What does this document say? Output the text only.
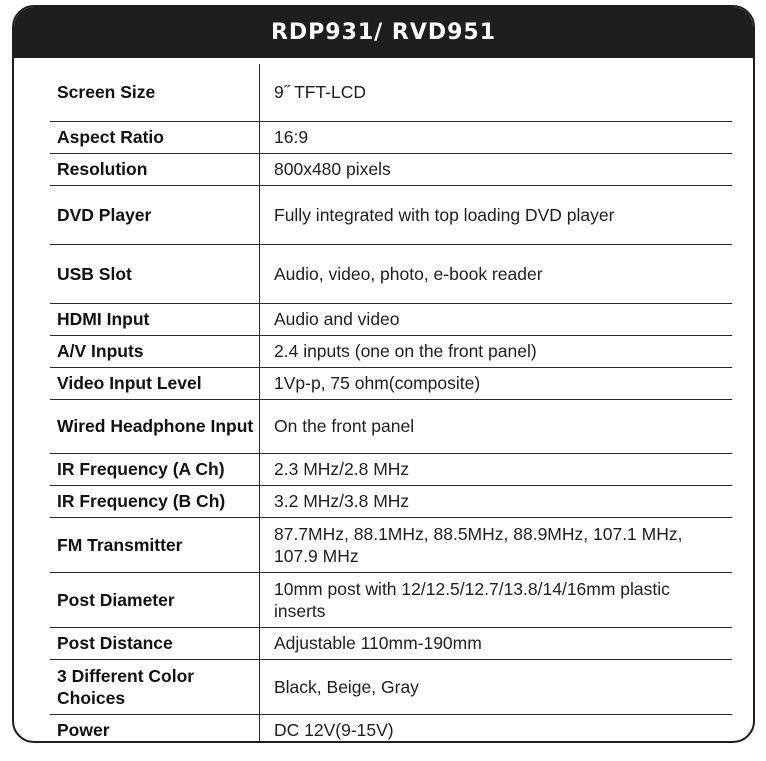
RDP931/ RVD951
Screen Size	9˝ TFT-LCD
Aspect Ratio	16:9
Resolution	800x480 pixels
DVD Player	Fully integrated with top loading DVD player
USB Slot	Audio, video, photo, e-book reader
HDMI Input	Audio and video
A/V Inputs	2.4 inputs (one on the front panel)
Video Input Level	1Vp-p, 75 ohm(composite)
Wired Headphone Input	On the front panel
IR Frequency (A Ch)	2.3 MHz/2.8 MHz
IR Frequency (B Ch)	3.2 MHz/3.8 MHz
FM Transmitter	87.7MHz, 88.1MHz, 88.5MHz, 88.9MHz, 107.1 MHz, 107.9 MHz
Post Diameter	10mm post with 12/12.5/12.7/13.8/14/16mm plastic inserts
Post Distance	Adjustable 110mm-190mm
3 Different Color Choices	Black, Beige, Gray
Power	DC 12V(9-15V)
